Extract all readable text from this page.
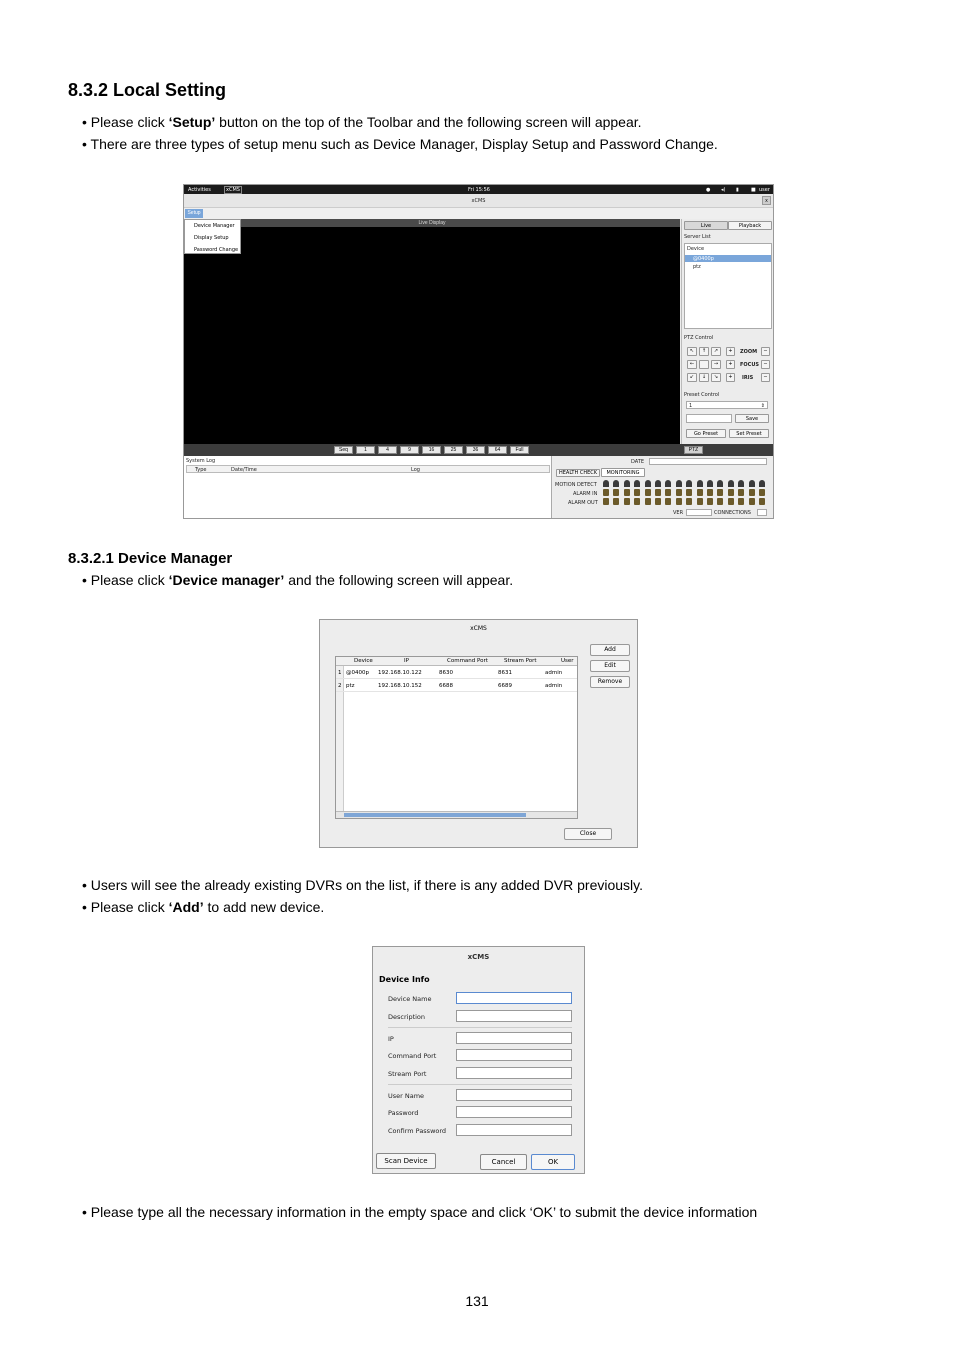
8.3.2 Local Setting
• Please click ‘Setup’ button on the top of the Toolbar and the following screen will appear.
• There are three types of setup menu such as Device Manager, Display Setup and Password Change.
Activities	xCMS	Fri 15:56	● ◂) ▮ ■ user
xCMS	x
Setup
Live Display
Device Manager
Display Setup
Password Change
Live	Playback
Server List
Device
@0400p
ptz
PTZ Control
↖	↑	↗
←	→
↙	↓	↘
+	ZOOM	−
+	FOCUS −
+	IRIS	−
Preset Control
1	⇕
Save
Go Preset	Set Preset
Seq	1	4	9	16	25	36	64	Full	PTZ
System Log
Type	Date/Time	Log
DATE
HEALTH CHECK	MONITORING
MOTION DETECT
ALARM IN
ALARM OUT
VER	CONNECTIONS
8.3.2.1 Device Manager
• Please click ‘Device manager’ and the following screen will appear.
xCMS
Device	IP	Command Port	Stream Port	User
1 @0400p 192.168.10.122	8630	8631	admin
2 ptz	192.168.10.152	6688	6689	admin
Add
Edit
Remove
Close
• Users will see the already existing DVRs on the list, if there is any added DVR previously.
• Please click ‘Add’ to add new device.
xCMS
Device Info
Device Name
Description
IP
Command Port
Stream Port
User Name
Password
Confirm Password
Scan Device	Cancel	OK
• Please type all the necessary information in the empty space and click ‘OK’ to submit the device information
131
